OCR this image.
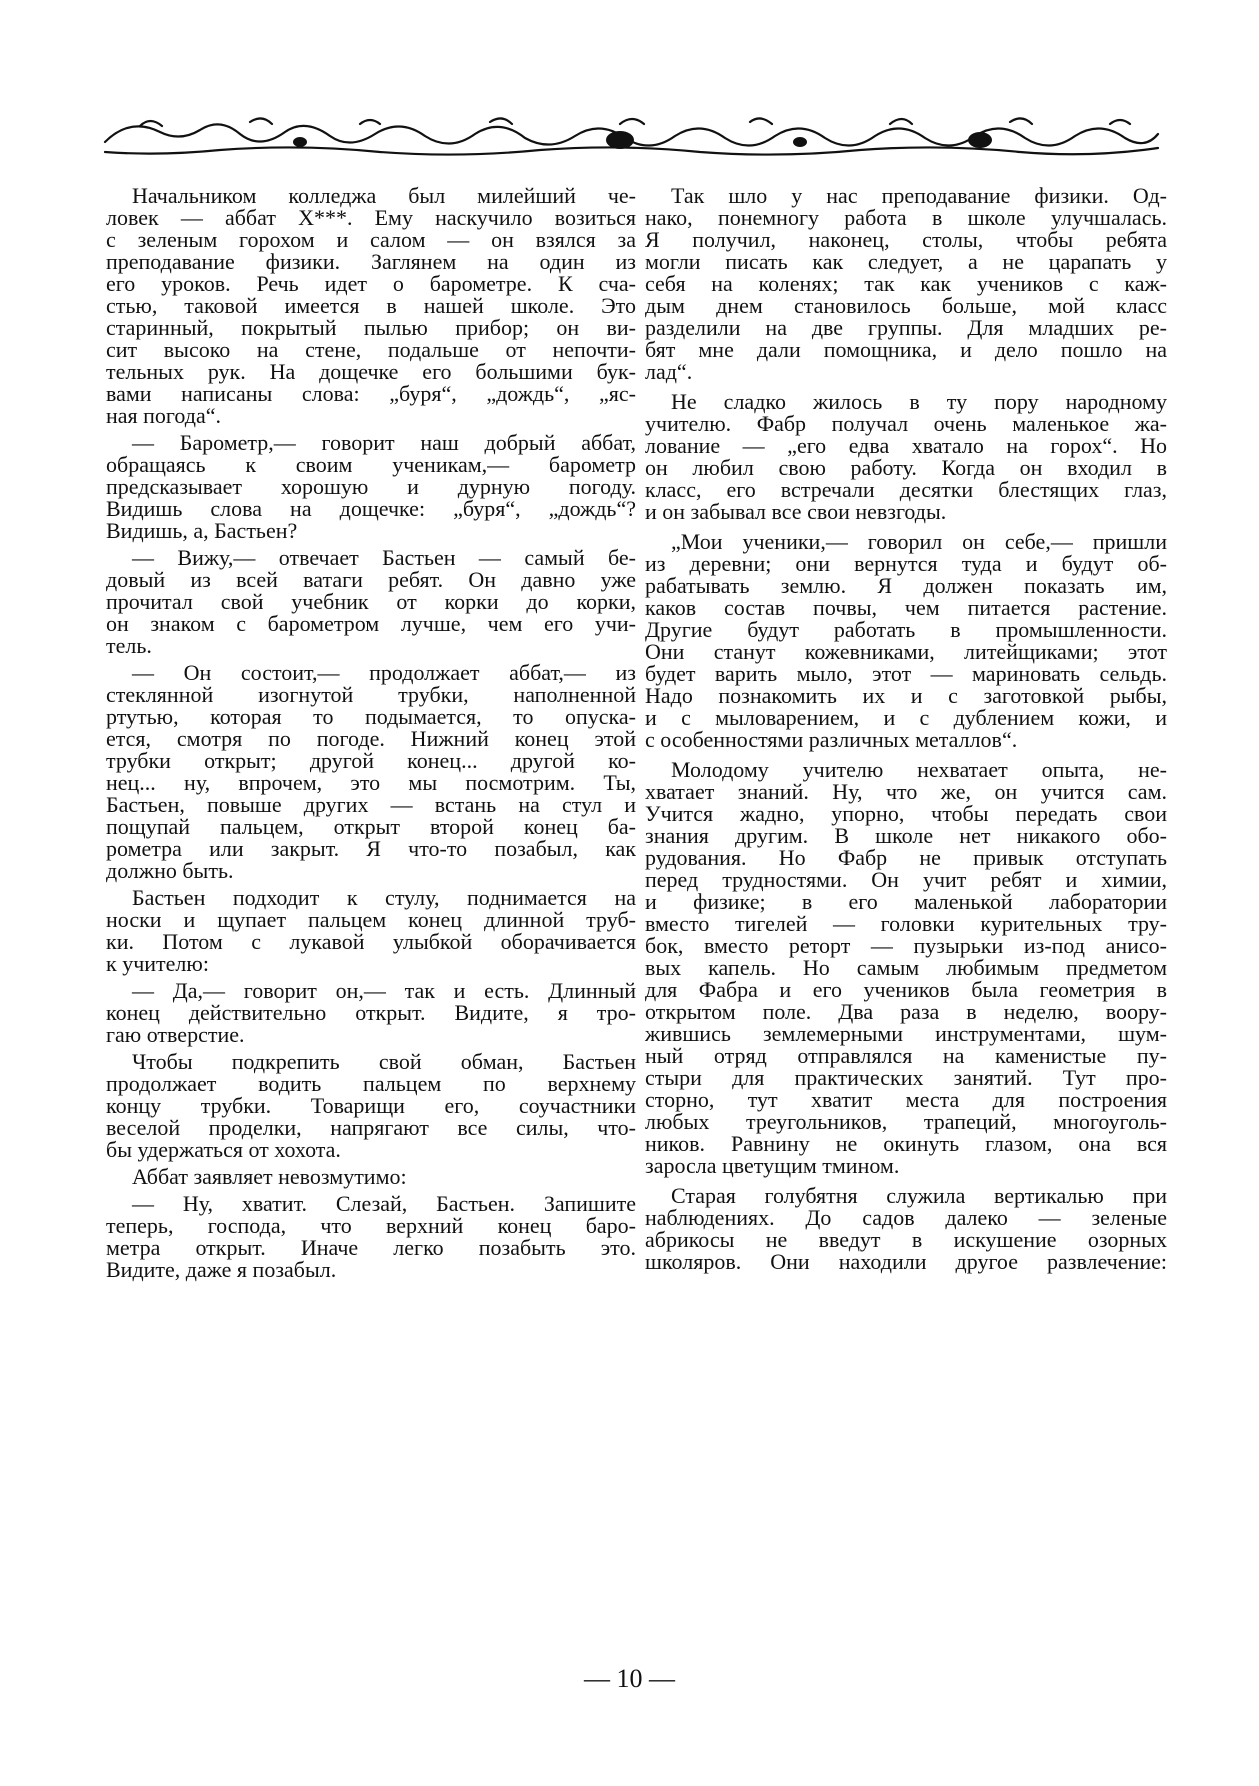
Начальником колледжа был милейший че-
ловек — аббат X***. Ему наскучило возиться
с зеленым горохом и салом — он взялся за
преподавание физики. Заглянем на один из
его уроков. Речь идет о барометре. К сча-
стью, таковой имеется в нашей школе. Это
старинный, покрытый пылью прибор; он ви-
сит высоко на стене, подальше от непочти-
тельных рук. На дощечке его большими бук-
вами написаны слова: „буря“, „дождь“, „яс-
ная погода“.
— Барометр,— говорит наш добрый аббат,
обращаясь к своим ученикам,— барометр
предсказывает хорошую и дурную погоду.
Видишь слова на дощечке: „буря“, „дождь“?
Видишь, а, Бастьен?
— Вижу,— отвечает Бастьен — самый бе-
довый из всей ватаги ребят. Он давно уже
прочитал свой учебник от корки до корки,
он знаком с барометром лучше, чем его учи-
тель.
— Он состоит,— продолжает аббат,— из
стеклянной изогнутой трубки, наполненной
ртутью, которая то подымается, то опуска-
ется, смотря по погоде. Нижний конец этой
трубки открыт; другой конец... другой ко-
нец... ну, впрочем, это мы посмотрим. Ты,
Бастьен, повыше других — встань на стул и
пощупай пальцем, открыт второй конец ба-
рометра или закрыт. Я что-то позабыл, как
должно быть.
Бастьен подходит к стулу, поднимается на
носки и щупает пальцем конец длинной труб-
ки. Потом с лукавой улыбкой оборачивается
к учителю:
— Да,— говорит он,— так и есть. Длинный
конец действительно открыт. Видите, я тро-
гаю отверстие.
Чтобы подкрепить свой обман, Бастьен
продолжает водить пальцем по верхнему
концу трубки. Товарищи его, соучастники
веселой проделки, напрягают все силы, что-
бы удержаться от хохота.
Аббат заявляет невозмутимо:
— Ну, хватит. Слезай, Бастьен. Запишите
теперь, господа, что верхний конец баро-
метра открыт. Иначе легко позабыть это.
Видите, даже я позабыл.
Так шло у нас преподавание физики. Од-
нако, понемногу работа в школе улучшалась.
Я получил, наконец, столы, чтобы ребята
могли писать как следует, а не царапать у
себя на коленях; так как учеников с каж-
дым днем становилось больше, мой класс
разделили на две группы. Для младших ре-
бят мне дали помощника, и дело пошло на
лад“.
Не сладко жилось в ту пору народному
учителю. Фабр получал очень маленькое жа-
лование — „его едва хватало на горох“. Но
он любил свою работу. Когда он входил в
класс, его встречали десятки блестящих глаз,
и он забывал все свои невзгоды.
„Мои ученики,— говорил он себе,— пришли
из деревни; они вернутся туда и будут об-
рабатывать землю. Я должен показать им,
каков состав почвы, чем питается растение.
Другие будут работать в промышленности.
Они станут кожевниками, литейщиками; этот
будет варить мыло, этот — мариновать сельдь.
Надо познакомить их и с заготовкой рыбы,
и с мыловарением, и с дублением кожи, и
с особенностями различных металлов“.
Молодому учителю нехватает опыта, не-
хватает знаний. Ну, что же, он учится сам.
Учится жадно, упорно, чтобы передать свои
знания другим. В школе нет никакого обо-
рудования. Но Фабр не привык отступать
перед трудностями. Он учит ребят и химии,
и физике; в его маленькой лаборатории
вместо тигелей — головки курительных тру-
бок, вместо реторт — пузырьки из-под анисо-
вых капель. Но самым любимым предметом
для Фабра и его учеников была геометрия в
открытом поле. Два раза в неделю, воору-
жившись землемерными инструментами, шум-
ный отряд отправлялся на каменистые пу-
стыри для практических занятий. Тут про-
сторно, тут хватит места для построения
любых треугольников, трапеций, многоуголь-
ников. Равнину не окинуть глазом, она вся
заросла цветущим тмином.
Старая голубятня служила вертикалью при
наблюдениях. До садов далеко — зеленые
абрикосы не введут в искушение озорных
школяров. Они находили другое развлечение:
— 10 —
